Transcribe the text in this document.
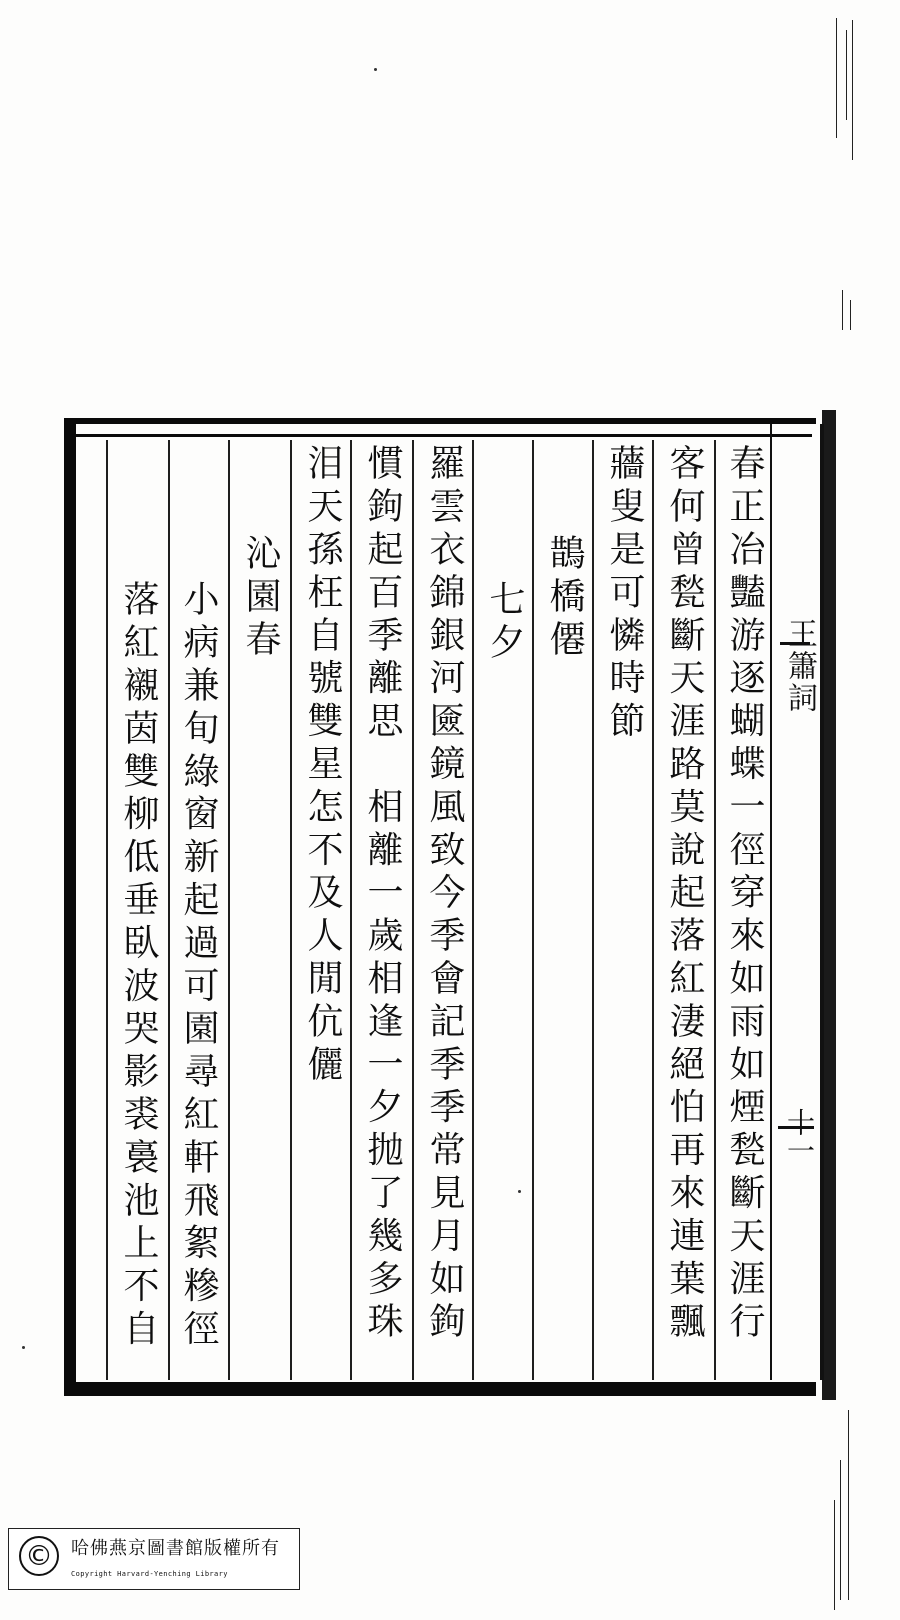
王簫詞
十一
春正冶豔游逐蝴蝶一徑穿來如雨如煙甃斷天涯行
客何曾甃斷天涯路莫說起落紅淒絕怕再來連葉飄
蘠叟是可憐時節
鵲橋僊
七夕
羅雲衣錦銀河匳鏡風致今季會記季季常見月如鉤
慣鉤起百季離思　相離一歲相逢一夕抛了幾多珠
泪天孫枉自號雙星怎不及人閒伉儷
沁園春
小病兼旬綠窗新起過可園尋紅軒飛絮糝徑
落紅襯茵雙柳低垂臥波哭影裘裛池上不自
©	哈佛燕京圖書館版權所有
Copyright Harvard-Yenching Library
